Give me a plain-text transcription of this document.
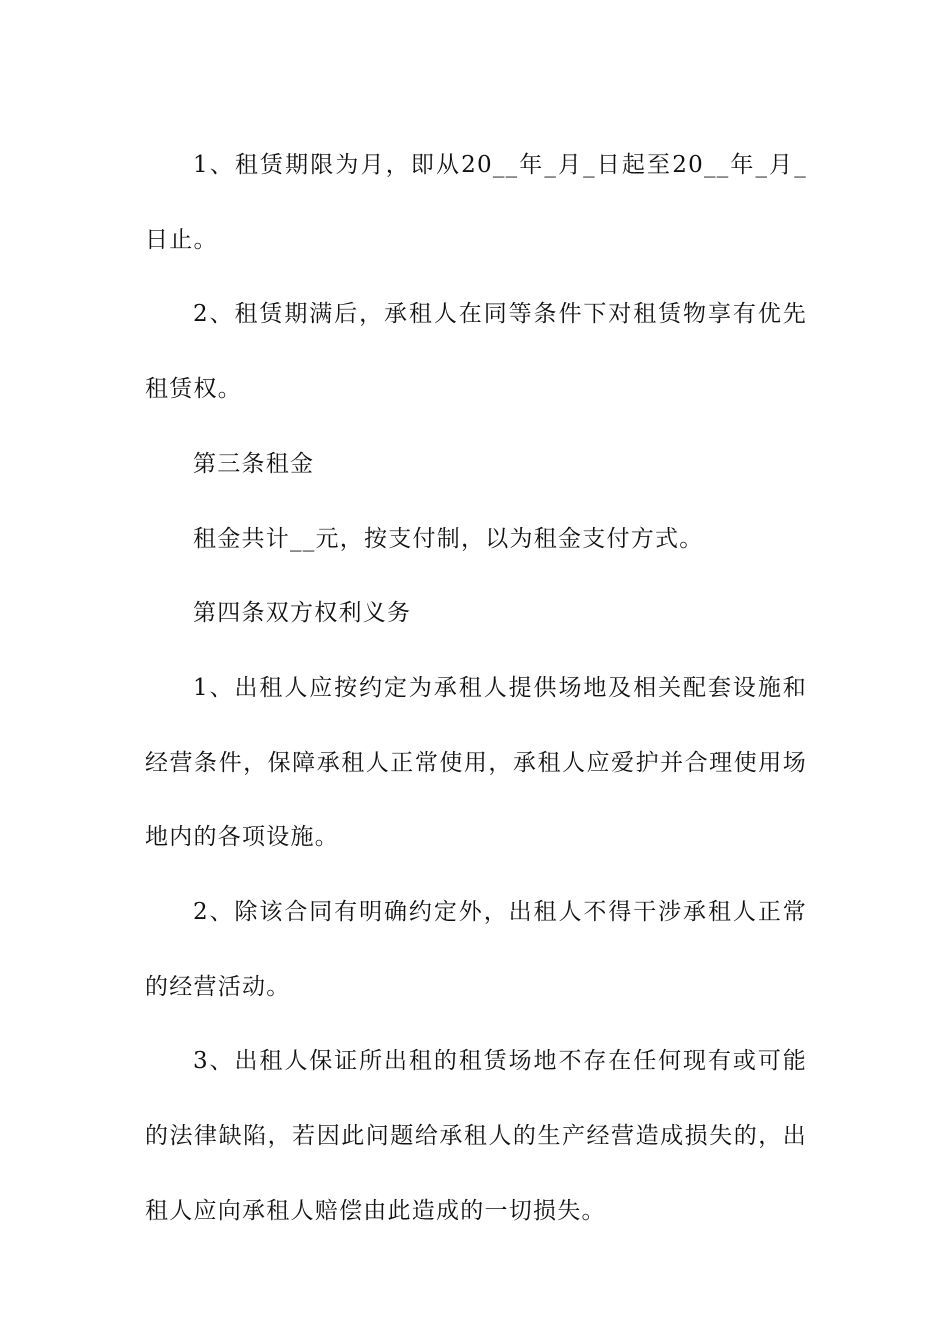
1、租赁期限为月，即从20__年_月_日起至20__年_月_日止。

2、租赁期满后，承租人在同等条件下对租赁物享有优先租赁权。

第三条租金

租金共计__元，按支付制，以为租金支付方式。

第四条双方权利义务

1、出租人应按约定为承租人提供场地及相关配套设施和经营条件，保障承租人正常使用，承租人应爱护并合理使用场地内的各项设施。

2、除该合同有明确约定外，出租人不得干涉承租人正常的经营活动。

3、出租人保证所出租的租赁场地不存在任何现有或可能的法律缺陷，若因此问题给承租人的生产经营造成损失的，出租人应向承租人赔偿由此造成的一切损失。
